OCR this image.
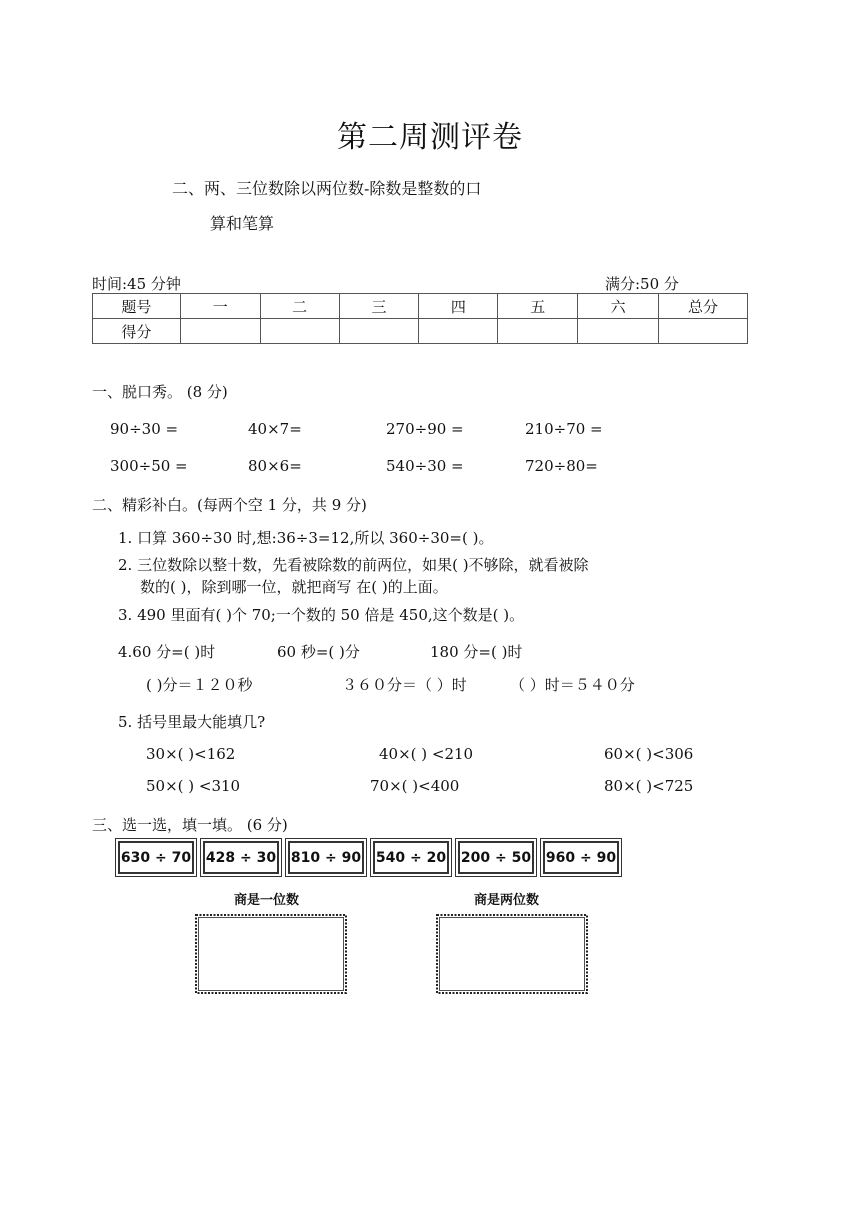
第二周测评卷
二、两、三位数除以两位数-除数是整数的口
算和笔算
时间:45 分钟	满分:50 分
题号	一	二	三	四	五	六	总分
得分							
一、脱口秀。 (8 分)
90÷30 =	40×7=	270÷90 =	210÷70 =
300÷50 =	80×6=	540÷30 =	720÷80=
二、精彩补白。(每两个空 1 分，共 9 分)
1. 口算 360÷30 时,想:36÷3=12,所以 360÷30=( )。
2. 三位数除以整十数，先看被除数的前两位，如果( )不够除，就看被除
数的( )，除到哪一位，就把商写 在( )的上面。
3. 490 里面有( )个 70;一个数的 50 倍是 450,这个数是( )。
4.60 分=( )时	60 秒=( )分	180 分=( )时
( )分＝１２０秒	３６０分＝（ ）时	（ ）时＝５４０分
5. 括号里最大能填几?
30×( )<162	40×( ) <210	60×( )<306
50×( ) <310	70×( )<400	80×( )<725
三、选一选，填一填。 (6 分)
630 ÷ 70 428 ÷ 30 810 ÷ 90 540 ÷ 20 200 ÷ 50 960 ÷ 90
商是一位数	商是两位数
